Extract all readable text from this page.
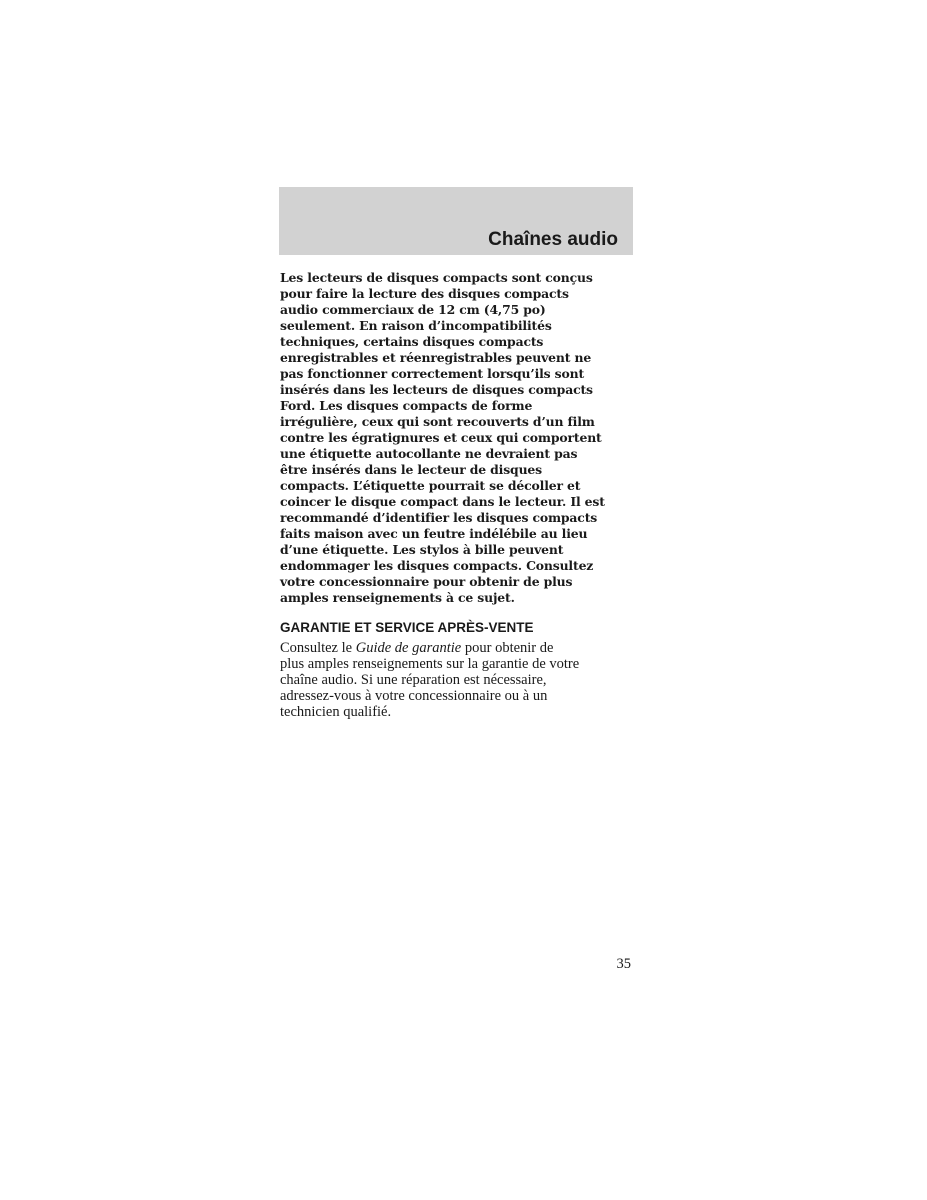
Chaînes audio

Les lecteurs de disques compacts sont conçus
pour faire la lecture des disques compacts
audio commerciaux de 12 cm (4,75 po)
seulement. En raison d’incompatibilités
techniques, certains disques compacts
enregistrables et réenregistrables peuvent ne
pas fonctionner correctement lorsqu’ils sont
insérés dans les lecteurs de disques compacts
Ford. Les disques compacts de forme
irrégulière, ceux qui sont recouverts d’un film
contre les égratignures et ceux qui comportent
une étiquette autocollante ne devraient pas
être insérés dans le lecteur de disques
compacts. L’étiquette pourrait se décoller et
coincer le disque compact dans le lecteur. Il est
recommandé d’identifier les disques compacts
faits maison avec un feutre indélébile au lieu
d’une étiquette. Les stylos à bille peuvent
endommager les disques compacts. Consultez
votre concessionnaire pour obtenir de plus
amples renseignements à ce sujet.

GARANTIE ET SERVICE APRÈS-VENTE

Consultez le Guide de garantie pour obtenir de
plus amples renseignements sur la garantie de votre
chaîne audio. Si une réparation est nécessaire,
adressez-vous à votre concessionnaire ou à un
technicien qualifié.

35
